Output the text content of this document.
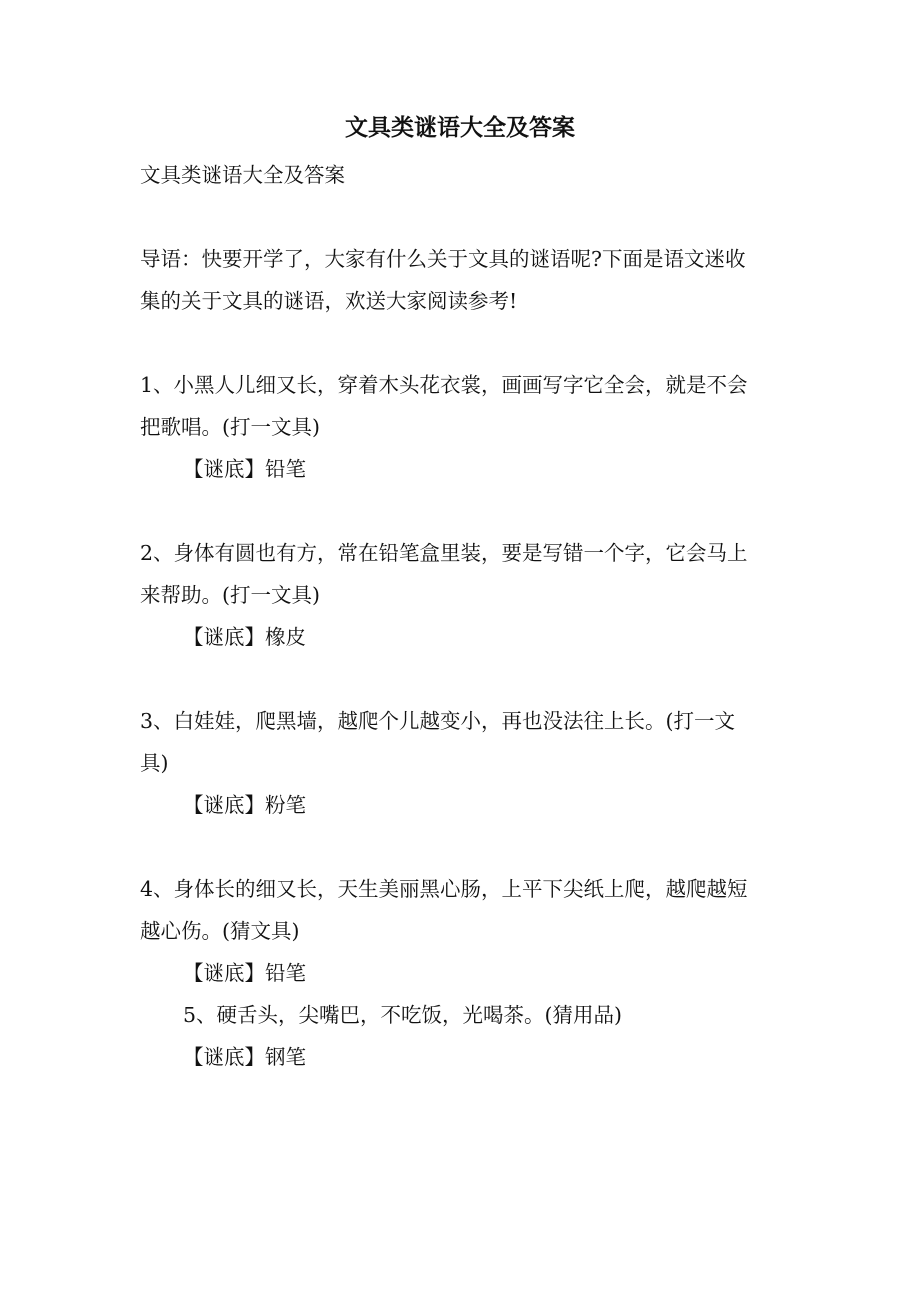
文具类谜语大全及答案

文具类谜语大全及答案

导语：快要开学了，大家有什么关于文具的谜语呢?下面是语文迷收

集的关于文具的谜语，欢送大家阅读参考!

1、小黑人儿细又长，穿着木头花衣裳，画画写字它全会，就是不会

把歌唱。(打一文具)

【谜底】铅笔

2、身体有圆也有方，常在铅笔盒里装，要是写错一个字，它会马上

来帮助。(打一文具)

【谜底】橡皮

3、白娃娃，爬黑墙，越爬个儿越变小，再也没法往上长。(打一文

具)

【谜底】粉笔

4、身体长的细又长，天生美丽黑心肠，上平下尖纸上爬，越爬越短

越心伤。(猜文具)

【谜底】铅笔

5、硬舌头，尖嘴巴，不吃饭，光喝茶。(猜用品)

【谜底】钢笔
